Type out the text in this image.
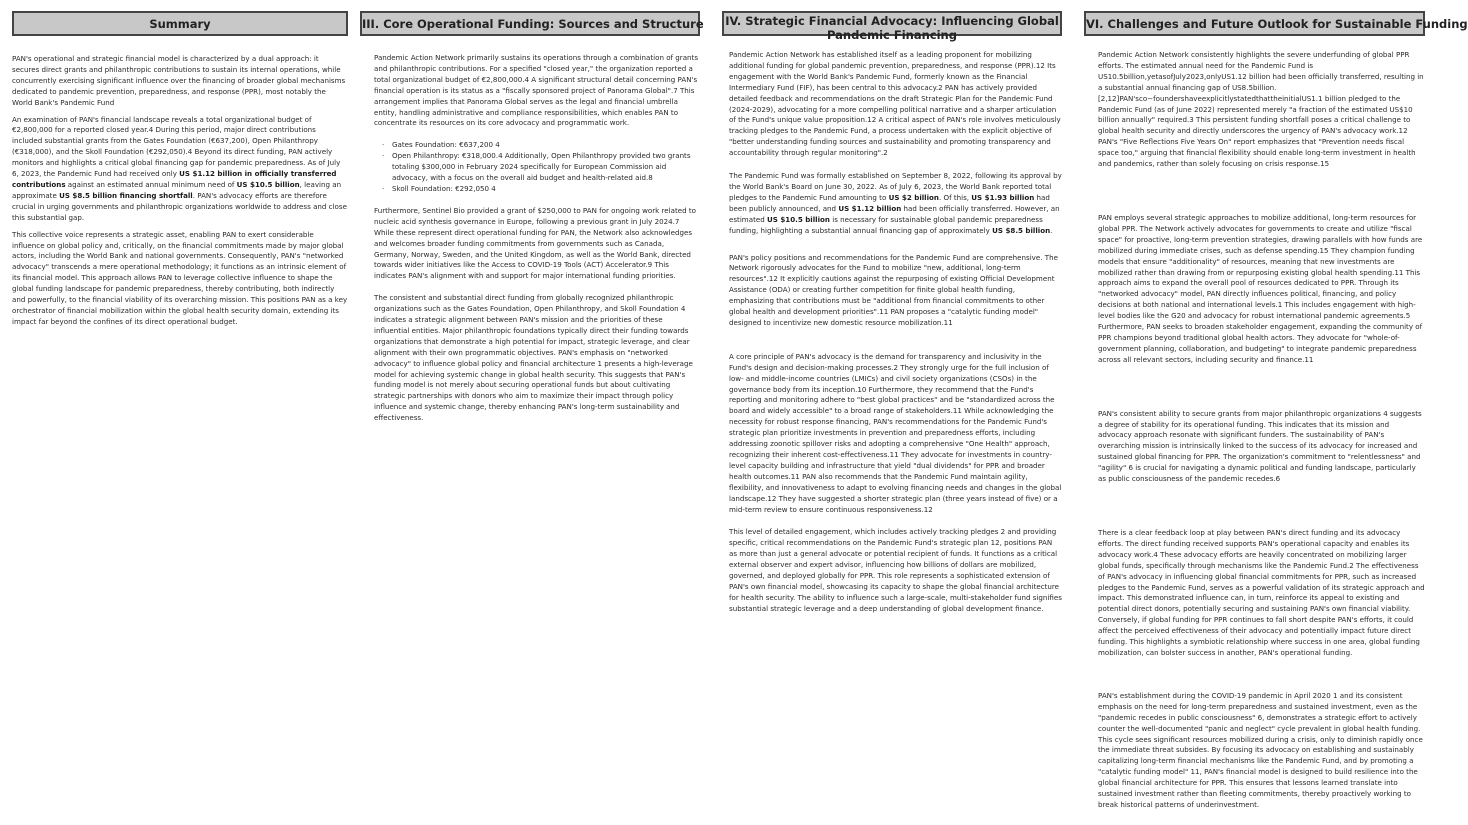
Summary

PAN's operational and strategic financial model is characterized by a dual approach: it secures direct grants and philanthropic contributions to sustain its internal operations, while concurrently exercising significant influence over the financing of broader global mechanisms dedicated to pandemic prevention, preparedness, and response (PPR), most notably the World Bank's Pandemic Fund

An examination of PAN's financial landscape reveals a total organizational budget of €2,800,000 for a reported closed year.4 During this period, major direct contributions included substantial grants from the Gates Foundation (€637,200), Open Philanthropy (€318,000), and the Skoll Foundation (€292,050).4 Beyond its direct funding, PAN actively monitors and highlights a critical global financing gap for pandemic preparedness. As of July 6, 2023, the Pandemic Fund had received only US $1.12 billion in officially transferred contributions against an estimated annual minimum need of US $10.5 billion, leaving an approximate US $8.5 billion financing shortfall. PAN's advocacy efforts are therefore crucial in urging governments and philanthropic organizations worldwide to address and close this substantial gap.

This collective voice represents a strategic asset, enabling PAN to exert considerable influence on global policy and, critically, on the financial commitments made by major global actors, including the World Bank and national governments. Consequently, PAN's "networked advocacy" transcends a mere operational methodology; it functions as an intrinsic element of its financial model. This approach allows PAN to leverage collective influence to shape the global funding landscape for pandemic preparedness, thereby contributing, both indirectly and powerfully, to the financial viability of its overarching mission. This positions PAN as a key orchestrator of financial mobilization within the global health security domain, extending its impact far beyond the confines of its direct operational budget.

III. Core Operational Funding: Sources and Structure

Pandemic Action Network primarily sustains its operations through a combination of grants and philanthropic contributions. For a specified "closed year," the organization reported a total organizational budget of €2,800,000.4 A significant structural detail concerning PAN's financial operation is its status as a "fiscally sponsored project of Panorama Global".7 This arrangement implies that Panorama Global serves as the legal and financial umbrella entity, handling administrative and compliance responsibilities, which enables PAN to concentrate its resources on its core advocacy and programmatic work.

· Gates Foundation: €637,200 4
· Open Philanthropy: €318,000.4 Additionally, Open Philanthropy provided two grants totaling $300,000 in February 2024 specifically for European Commission aid advocacy, with a focus on the overall aid budget and health-related aid.8
· Skoll Foundation: €292,050 4

Furthermore, Sentinel Bio provided a grant of $250,000 to PAN for ongoing work related to nucleic acid synthesis governance in Europe, following a previous grant in July 2024.7 While these represent direct operational funding for PAN, the Network also acknowledges and welcomes broader funding commitments from governments such as Canada, Germany, Norway, Sweden, and the United Kingdom, as well as the World Bank, directed towards wider initiatives like the Access to COVID-19 Tools (ACT) Accelerator.9 This indicates PAN's alignment with and support for major international funding priorities.

The consistent and substantial direct funding from globally recognized philanthropic organizations such as the Gates Foundation, Open Philanthropy, and Skoll Foundation 4 indicates a strategic alignment between PAN's mission and the priorities of these influential entities. Major philanthropic foundations typically direct their funding towards organizations that demonstrate a high potential for impact, strategic leverage, and clear alignment with their own programmatic objectives. PAN's emphasis on "networked advocacy" to influence global policy and financial architecture 1 presents a high-leverage model for achieving systemic change in global health security. This suggests that PAN's funding model is not merely about securing operational funds but about cultivating strategic partnerships with donors who aim to maximize their impact through policy influence and systemic change, thereby enhancing PAN's long-term sustainability and effectiveness.

IV. Strategic Financial Advocacy: Influencing Global Pandemic Financing

Pandemic Action Network has established itself as a leading proponent for mobilizing additional funding for global pandemic prevention, preparedness, and response (PPR).12 Its engagement with the World Bank's Pandemic Fund, formerly known as the Financial Intermediary Fund (FIF), has been central to this advocacy.2 PAN has actively provided detailed feedback and recommendations on the draft Strategic Plan for the Pandemic Fund (2024-2029), advocating for a more compelling political narrative and a sharper articulation of the Fund's unique value proposition.12 A critical aspect of PAN's role involves meticulously tracking pledges to the Pandemic Fund, a process undertaken with the explicit objective of "better understanding funding sources and sustainability and promoting transparency and accountability through regular monitoring".2

The Pandemic Fund was formally established on September 8, 2022, following its approval by the World Bank's Board on June 30, 2022. As of July 6, 2023, the World Bank reported total pledges to the Pandemic Fund amounting to US $2 billion. Of this, US $1.93 billion had been publicly announced, and US $1.12 billion had been officially transferred. However, an estimated US $10.5 billion is necessary for sustainable global pandemic preparedness funding, highlighting a substantial annual financing gap of approximately US $8.5 billion.

PAN's policy positions and recommendations for the Pandemic Fund are comprehensive. The Network rigorously advocates for the Fund to mobilize "new, additional, long-term resources".12 It explicitly cautions against the repurposing of existing Official Development Assistance (ODA) or creating further competition for finite global health funding, emphasizing that contributions must be "additional from financial commitments to other global health and development priorities".11 PAN proposes a "catalytic funding model" designed to incentivize new domestic resource mobilization.11

A core principle of PAN's advocacy is the demand for transparency and inclusivity in the Fund's design and decision-making processes.2 They strongly urge for the full inclusion of low- and middle-income countries (LMICs) and civil society organizations (CSOs) in the governance body from its inception.10 Furthermore, they recommend that the Fund's reporting and monitoring adhere to "best global practices" and be "standardized across the board and widely accessible" to a broad range of stakeholders.11 While acknowledging the necessity for robust response financing, PAN's recommendations for the Pandemic Fund's strategic plan prioritize investments in prevention and preparedness efforts, including addressing zoonotic spillover risks and adopting a comprehensive "One Health" approach, recognizing their inherent cost-effectiveness.11 They advocate for investments in country-level capacity building and infrastructure that yield "dual dividends" for PPR and broader health outcomes.11 PAN also recommends that the Pandemic Fund maintain agility, flexibility, and innovativeness to adapt to evolving financing needs and changes in the global landscape.12 They have suggested a shorter strategic plan (three years instead of five) or a mid-term review to ensure continuous responsiveness.12

This level of detailed engagement, which includes actively tracking pledges 2 and providing specific, critical recommendations on the Pandemic Fund's strategic plan 12, positions PAN as more than just a general advocate or potential recipient of funds. It functions as a critical external observer and expert advisor, influencing how billions of dollars are mobilized, governed, and deployed globally for PPR. This role represents a sophisticated extension of PAN's own financial model, showcasing its capacity to shape the global financial architecture for health security. The ability to influence such a large-scale, multi-stakeholder fund signifies substantial strategic leverage and a deep understanding of global development finance.

VI. Challenges and Future Outlook for Sustainable Funding

Pandemic Action Network consistently highlights the severe underfunding of global PPR efforts. The estimated annual need for the Pandemic Fund is US10.5billion,yetasofJuly2023,onlyUS1.12 billion had been officially transferred, resulting in a substantial annual financing gap of US8.5billion. [2,12]PAN'sco−foundershaveexplicitlystatedthattheinitialUS1.1 billion pledged to the Pandemic Fund (as of June 2022) represented merely "a fraction of the estimated US$10 billion annually" required.3 This persistent funding shortfall poses a critical challenge to global health security and directly underscores the urgency of PAN's advocacy work.12 PAN's "Five Reflections Five Years On" report emphasizes that "Prevention needs fiscal space too," arguing that financial flexibility should enable long-term investment in health and pandemics, rather than solely focusing on crisis response.15

PAN employs several strategic approaches to mobilize additional, long-term resources for global PPR. The Network actively advocates for governments to create and utilize "fiscal space" for proactive, long-term prevention strategies, drawing parallels with how funds are mobilized during immediate crises, such as defense spending.15 They champion funding models that ensure "additionality" of resources, meaning that new investments are mobilized rather than drawing from or repurposing existing global health spending.11 This approach aims to expand the overall pool of resources dedicated to PPR. Through its "networked advocacy" model, PAN directly influences political, financing, and policy decisions at both national and international levels.1 This includes engagement with high-level bodies like the G20 and advocacy for robust international pandemic agreements.5 Furthermore, PAN seeks to broaden stakeholder engagement, expanding the community of PPR champions beyond traditional global health actors. They advocate for "whole-of-government planning, collaboration, and budgeting" to integrate pandemic preparedness across all relevant sectors, including security and finance.11

PAN's consistent ability to secure grants from major philanthropic organizations 4 suggests a degree of stability for its operational funding. This indicates that its mission and advocacy approach resonate with significant funders. The sustainability of PAN's overarching mission is intrinsically linked to the success of its advocacy for increased and sustained global financing for PPR. The organization's commitment to "relentlessness" and "agility" 6 is crucial for navigating a dynamic political and funding landscape, particularly as public consciousness of the pandemic recedes.6

There is a clear feedback loop at play between PAN's direct funding and its advocacy efforts. The direct funding received supports PAN's operational capacity and enables its advocacy work.4 These advocacy efforts are heavily concentrated on mobilizing larger global funds, specifically through mechanisms like the Pandemic Fund.2 The effectiveness of PAN's advocacy in influencing global financial commitments for PPR, such as increased pledges to the Pandemic Fund, serves as a powerful validation of its strategic approach and impact. This demonstrated influence can, in turn, reinforce its appeal to existing and potential direct donors, potentially securing and sustaining PAN's own financial viability. Conversely, if global funding for PPR continues to fall short despite PAN's efforts, it could affect the perceived effectiveness of their advocacy and potentially impact future direct funding. This highlights a symbiotic relationship where success in one area, global funding mobilization, can bolster success in another, PAN's operational funding.

PAN's establishment during the COVID-19 pandemic in April 2020 1 and its consistent emphasis on the need for long-term preparedness and sustained investment, even as the "pandemic recedes in public consciousness" 6, demonstrates a strategic effort to actively counter the well-documented "panic and neglect" cycle prevalent in global health funding. This cycle sees significant resources mobilized during a crisis, only to diminish rapidly once the immediate threat subsides. By focusing its advocacy on establishing and sustainably capitalizing long-term financial mechanisms like the Pandemic Fund, and by promoting a "catalytic funding model" 11, PAN's financial model is designed to build resilience into the global financial architecture for PPR. This ensures that lessons learned translate into sustained investment rather than fleeting commitments, thereby proactively working to break historical patterns of underinvestment.
